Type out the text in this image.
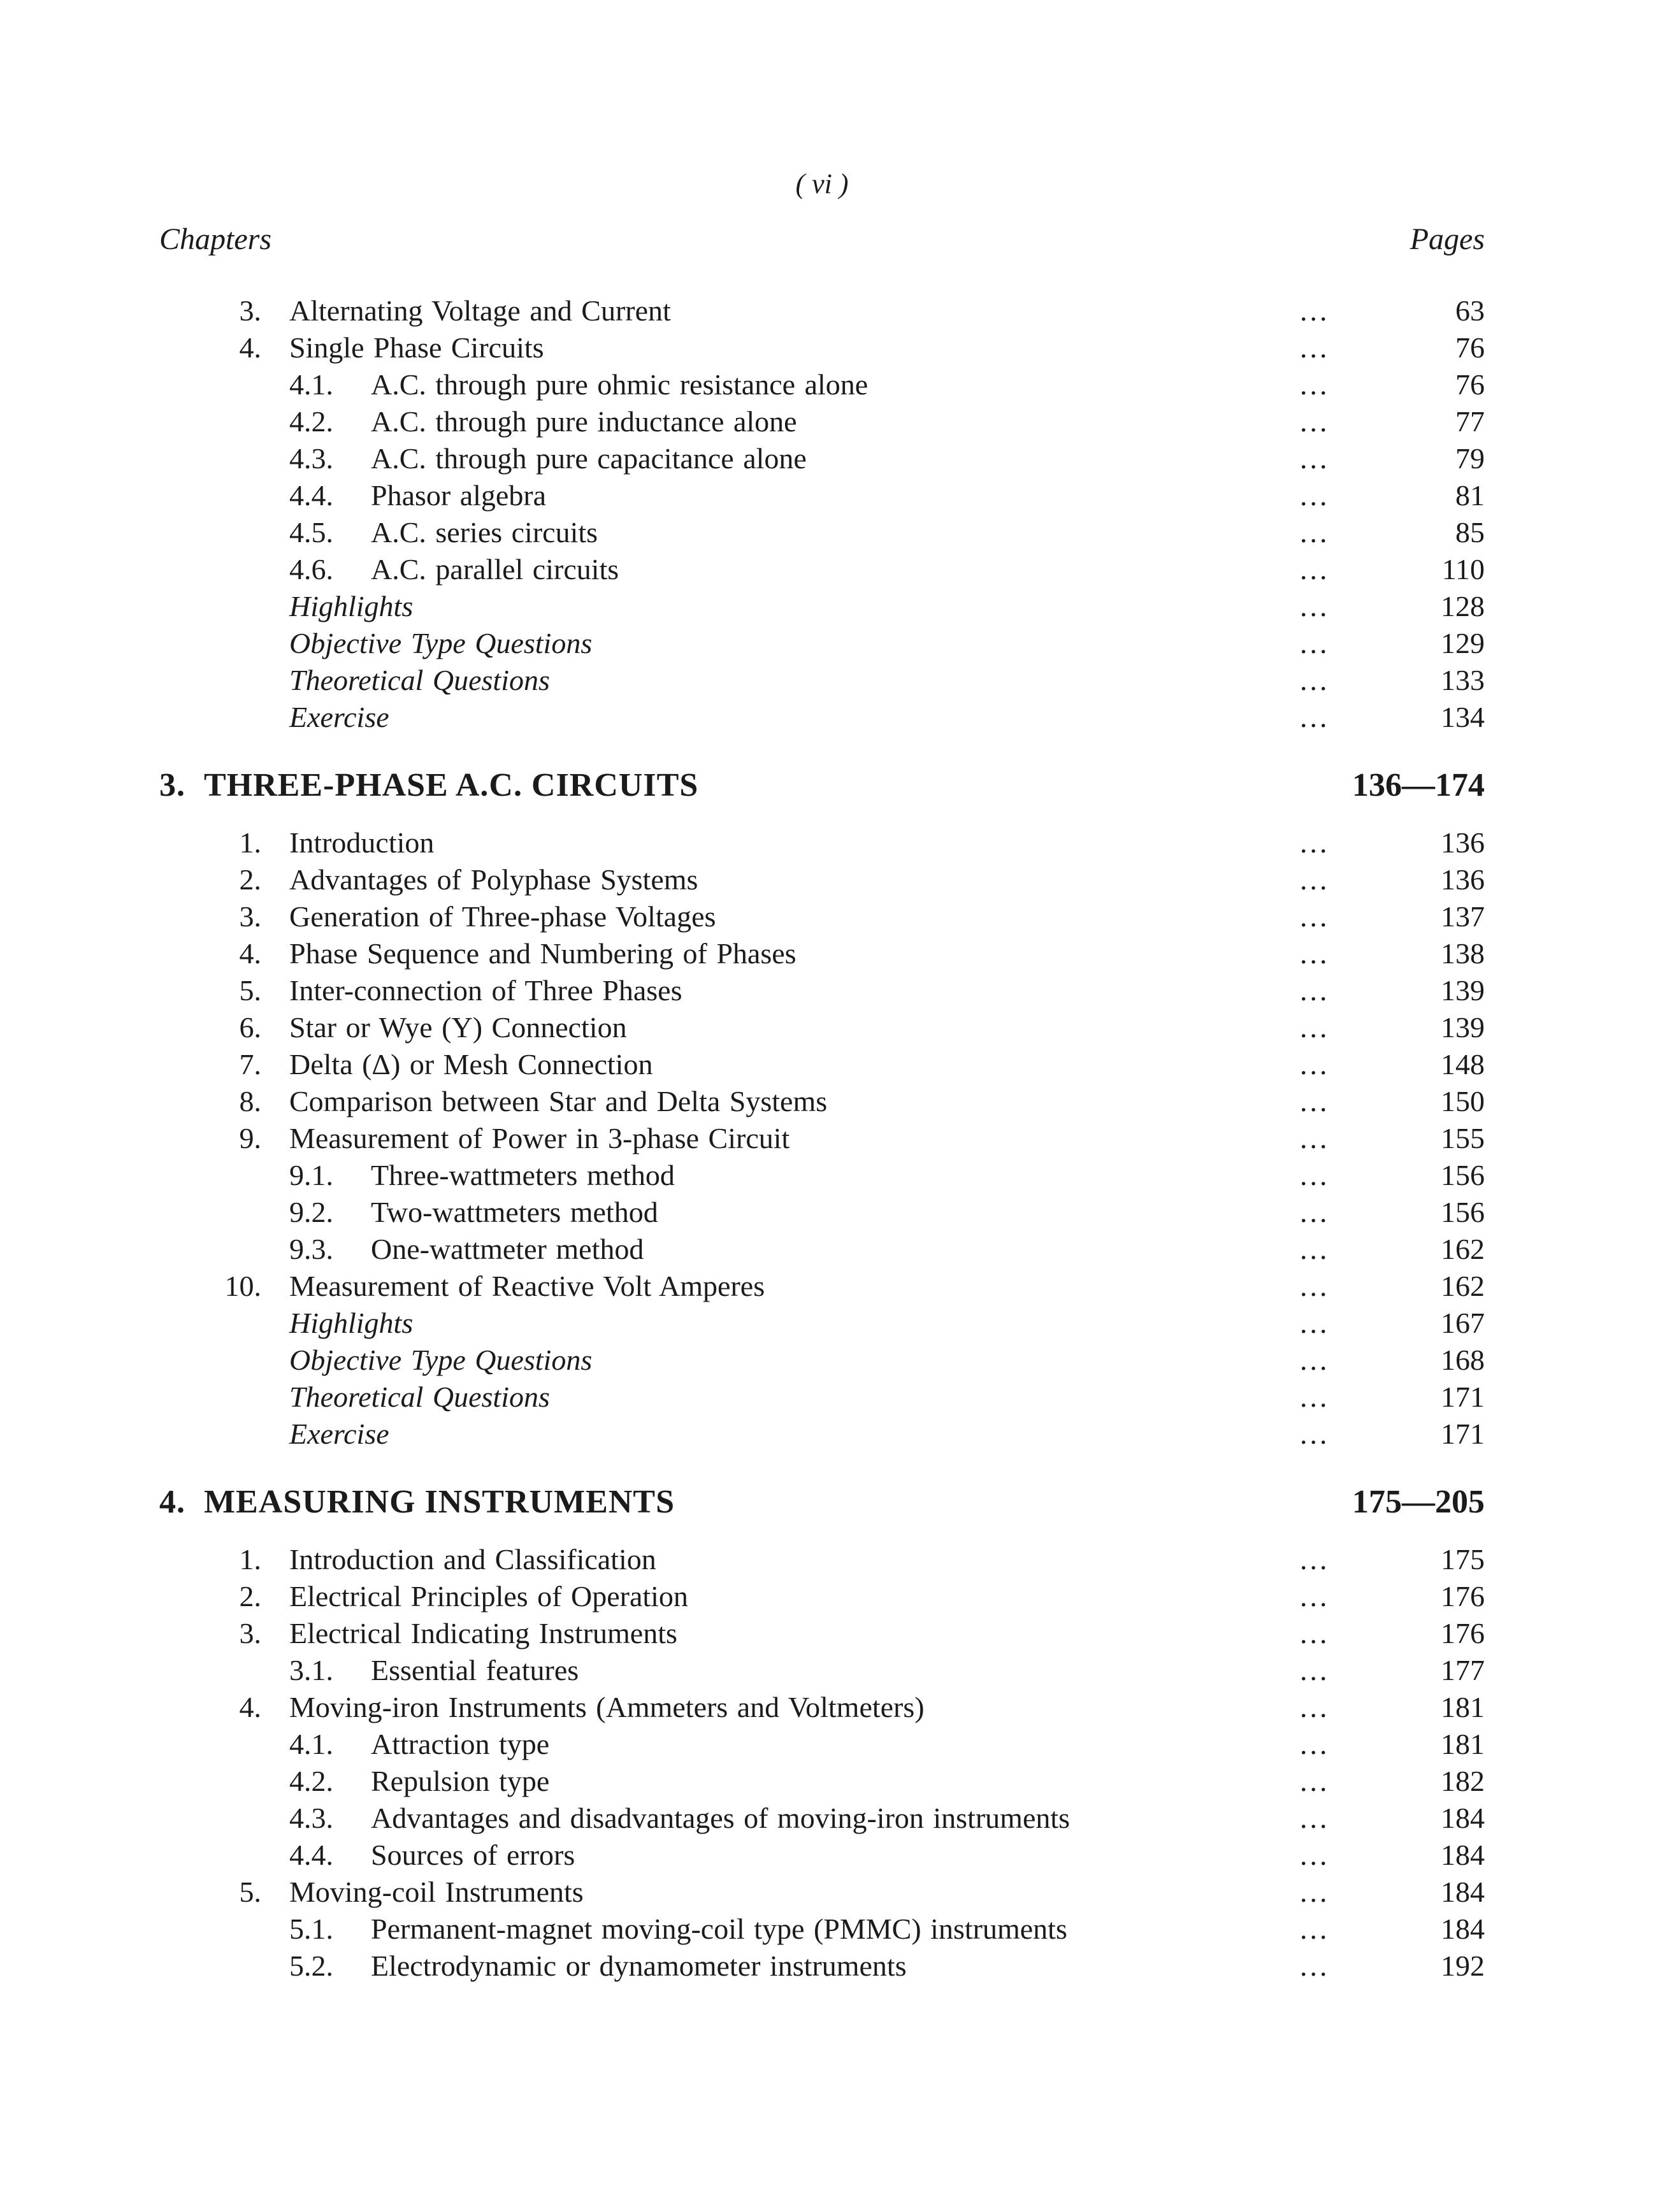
( vi )
Chapters	Pages
3. Alternating Voltage and Current	...	63
4. Single Phase Circuits	...	76
4.1. A.C. through pure ohmic resistance alone	...	76
4.2. A.C. through pure inductance alone	...	77
4.3. A.C. through pure capacitance alone	...	79
4.4. Phasor algebra	...	81
4.5. A.C. series circuits	...	85
4.6. A.C. parallel circuits	...	110
Highlights	...	128
Objective Type Questions	...	129
Theoretical Questions	...	133
Exercise	...	134
3. THREE-PHASE A.C. CIRCUITS	136—174
1. Introduction	...	136
2. Advantages of Polyphase Systems	...	136
3. Generation of Three-phase Voltages	...	137
4. Phase Sequence and Numbering of Phases	...	138
5. Inter-connection of Three Phases	...	139
6. Star or Wye (Y) Connection	...	139
7. Delta (Δ) or Mesh Connection	...	148
8. Comparison between Star and Delta Systems	...	150
9. Measurement of Power in 3-phase Circuit	...	155
9.1. Three-wattmeters method	...	156
9.2. Two-wattmeters method	...	156
9.3. One-wattmeter method	...	162
10. Measurement of Reactive Volt Amperes	...	162
Highlights	...	167
Objective Type Questions	...	168
Theoretical Questions	...	171
Exercise	...	171
4. MEASURING INSTRUMENTS	175—205
1. Introduction and Classification	...	175
2. Electrical Principles of Operation	...	176
3. Electrical Indicating Instruments	...	176
3.1. Essential features	...	177
4. Moving-iron Instruments (Ammeters and Voltmeters)	...	181
4.1. Attraction type	...	181
4.2. Repulsion type	...	182
4.3. Advantages and disadvantages of moving-iron instruments	...	184
4.4. Sources of errors	...	184
5. Moving-coil Instruments	...	184
5.1. Permanent-magnet moving-coil type (PMMC) instruments	...	184
5.2. Electrodynamic or dynamometer instruments	...	192
